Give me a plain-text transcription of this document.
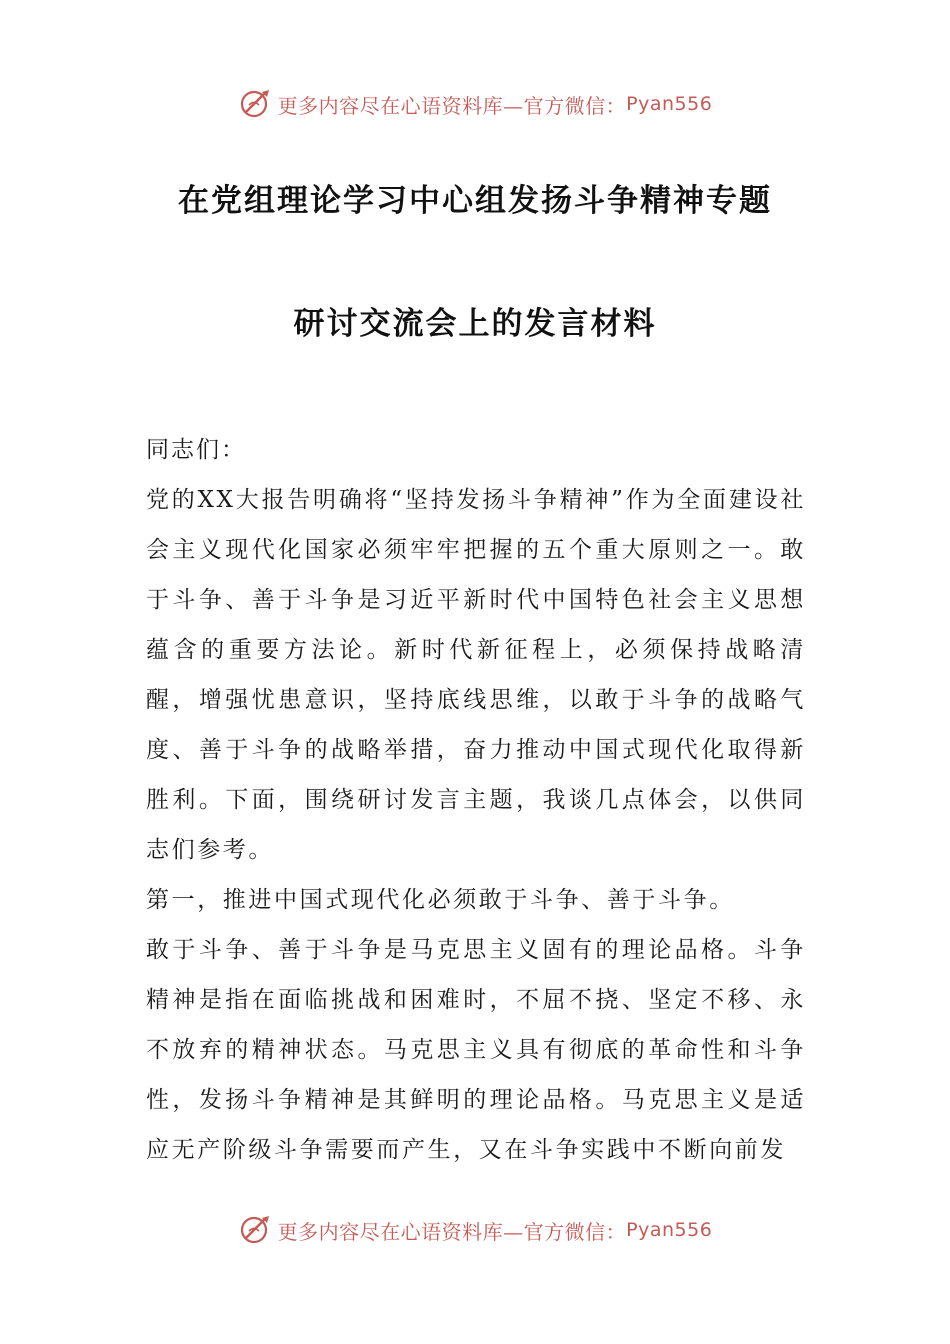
更多内容尽在心语资料库—官方微信： Pyan556
在党组理论学习中心组发扬斗争精神专题
研讨交流会上的发言材料

同志们：

党的XX大报告明确将“坚持发扬斗争精神”作为全面建设社会主义现代化国家必须牢牢把握的五个重大原则之一。敢于斗争、善于斗争是习近平新时代中国特色社会主义思想蕴含的重要方法论。新时代新征程上，必须保持战略清醒，增强忧患意识，坚持底线思维，以敢于斗争的战略气度、善于斗争的战略举措，奋力推动中国式现代化取得新胜利。下面，围绕研讨发言主题，我谈几点体会，以供同志们参考。

第一，推进中国式现代化必须敢于斗争、善于斗争。

敢于斗争、善于斗争是马克思主义固有的理论品格。斗争精神是指在面临挑战和困难时，不屈不挠、坚定不移、永不放弃的精神状态。马克思主义具有彻底的革命性和斗争性，发扬斗争精神是其鲜明的理论品格。马克思主义是适应无产阶级斗争需要而产生，又在斗争实践中不断向前发

更多内容尽在心语资料库—官方微信： Pyan556
